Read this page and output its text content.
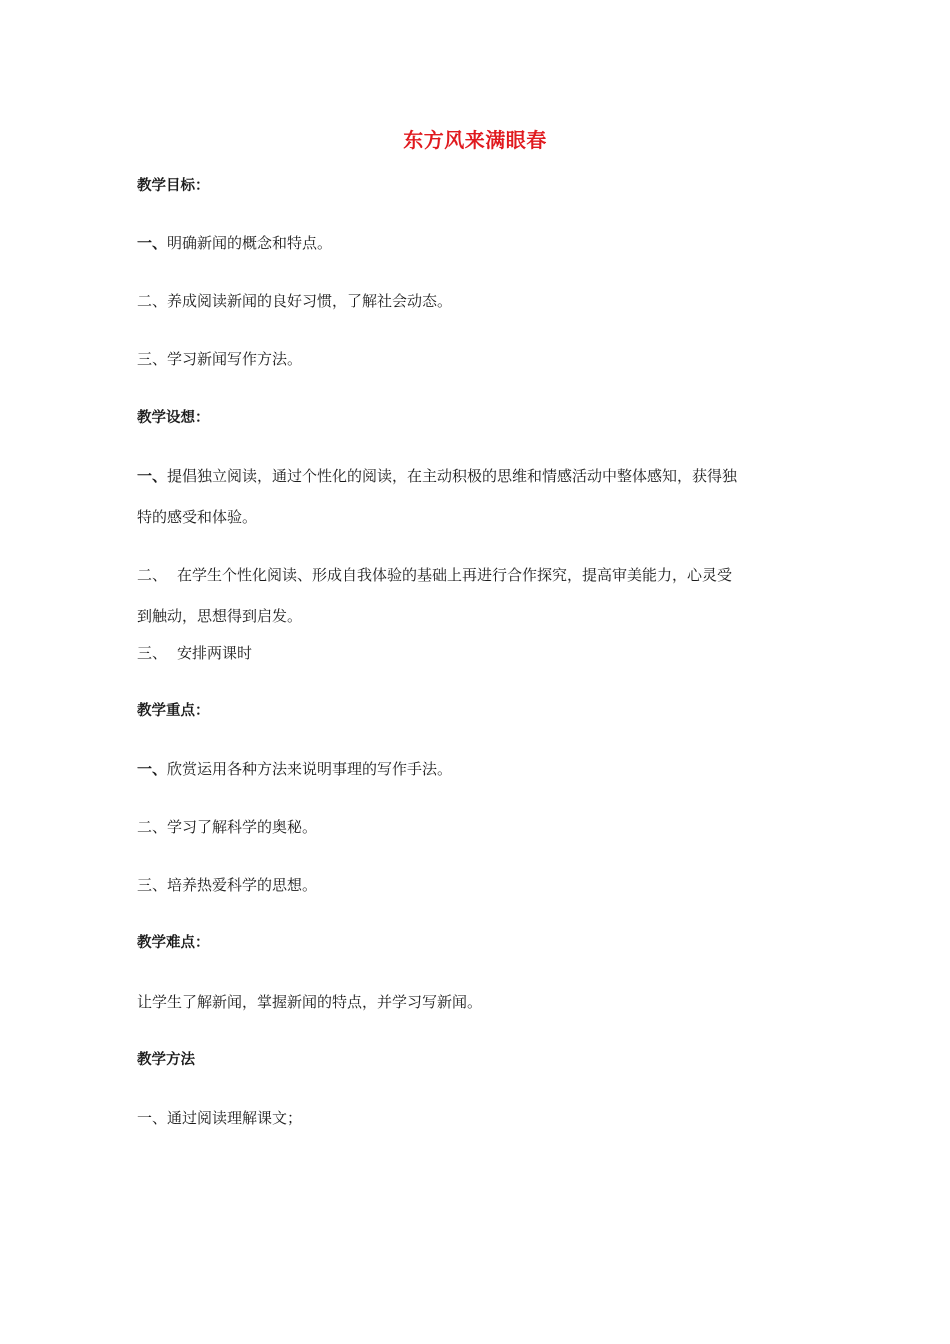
东方风来满眼春

教学目标：

一、明确新闻的概念和特点。

二、养成阅读新闻的良好习惯，了解社会动态。

三、学习新闻写作方法。

教学设想：

一、提倡独立阅读，通过个性化的阅读，在主动积极的思维和情感活动中整体感知，获得独

特的感受和体验。

二、 在学生个性化阅读、形成自我体验的基础上再进行合作探究，提高审美能力，心灵受

到触动，思想得到启发。

三、 安排两课时

教学重点：

一、欣赏运用各种方法来说明事理的写作手法。

二、学习了解科学的奥秘。

三、培养热爱科学的思想。

教学难点：

让学生了解新闻，掌握新闻的特点，并学习写新闻。

教学方法

一、通过阅读理解课文；
